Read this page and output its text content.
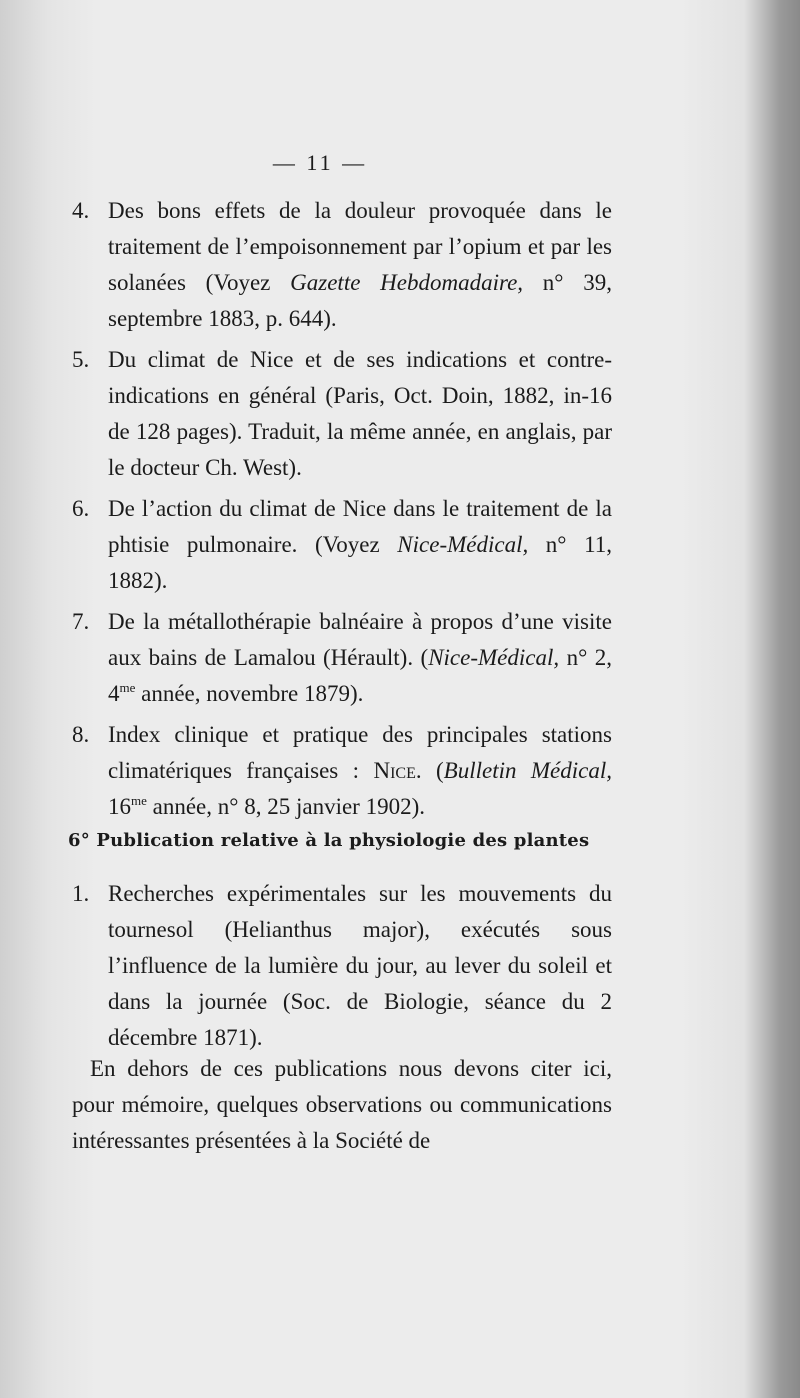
— 11 —
4. Des bons effets de la douleur provoquée dans le traitement de l’empoisonnement par l’opium et par les solanées (Voyez Gazette Hebdomadaire, n° 39, septembre 1883, p. 644).
5. Du climat de Nice et de ses indications et contre-indications en général (Paris, Oct. Doin, 1882, in-16 de 128 pages). Traduit, la même année, en anglais, par le docteur Ch. West).
6. De l’action du climat de Nice dans le traitement de la phtisie pulmonaire. (Voyez Nice-Médical, n° 11, 1882).
7. De la métallothérapie balnéaire à propos d’une visite aux bains de Lamalou (Hérault). (Nice-Médical, n° 2, $4^{me}$ année, novembre 1879).
8. Index clinique et pratique des principales stations climatériques françaises : Nice. (Bulletin Médical, $16^{me}$ année, n° 8, 25 janvier 1902).
6° Publication relative à la physiologie des plantes
1. Recherches expérimentales sur les mouvements du tournesol (Helianthus major), exécutés sous l’influence de la lumière du jour, au lever du soleil et dans la journée (Soc. de Biologie, séance du 2 décembre 1871).

En dehors de ces publications nous devons citer ici, pour mémoire, quelques observations ou communications intéressantes présentées à la Société de
